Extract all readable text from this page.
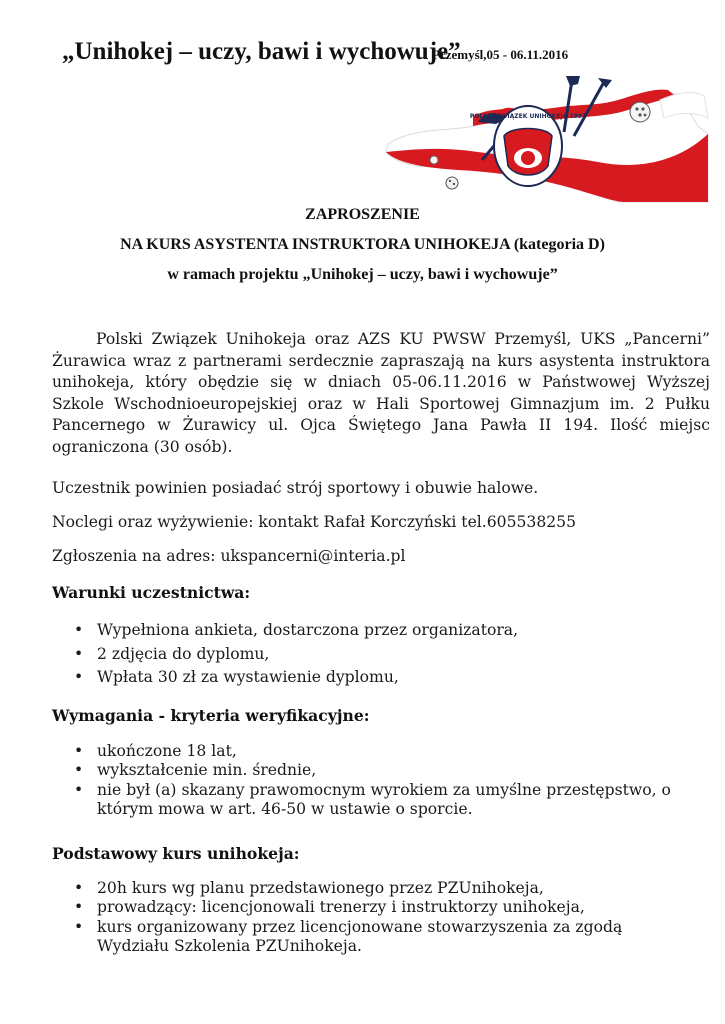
„Unihokej – uczy, bawi i wychowuje”
Przemyśl,05 - 06.11.2016
POLSKI ZWIĄZEK UNIHOKEJA 1997
ZAPROSZENIE
NA KURS ASYSTENTA INSTRUKTORA UNIHOKEJA (kategoria D)
w ramach projektu „Unihokej – uczy, bawi i wychowuje”
Polski Związek Unihokeja oraz AZS KU PWSW Przemyśl, UKS „Pancerni” Żurawica wraz z partnerami serdecznie zapraszają na kurs asystenta instruktora unihokeja, który obędzie się w dniach 05-06.11.2016 w Państwowej Wyższej Szkole Wschodnioeuropejskiej oraz w Hali Sportowej Gimnazjum im. 2 Pułku Pancernego w Żurawicy ul. Ojca Świętego Jana Pawła II 194. Ilość miejsc ograniczona (30 osób).
Uczestnik powinien posiadać strój sportowy i obuwie halowe.
Noclegi oraz wyżywienie: kontakt Rafał Korczyński tel.605538255
Zgłoszenia na adres: ukspancerni@interia.pl
Warunki uczestnictwa:
• Wypełniona ankieta, dostarczona przez organizatora,
• 2 zdjęcia do dyplomu,
• Wpłata 30 zł za wystawienie dyplomu,
Wymagania - kryteria weryfikacyjne:
• ukończone 18 lat,
• wykształcenie min. średnie,
• nie był (a) skazany prawomocnym wyrokiem za umyślne przestępstwo, o którym mowa w art. 46-50 w ustawie o sporcie.
Podstawowy kurs unihokeja:
• 20h kurs wg planu przedstawionego przez PZUnihokeja,
• prowadzący: licencjonowali trenerzy i instruktorzy unihokeja,
• kurs organizowany przez licencjonowane stowarzyszenia za zgodą Wydziału Szkolenia PZUnihokeja.
